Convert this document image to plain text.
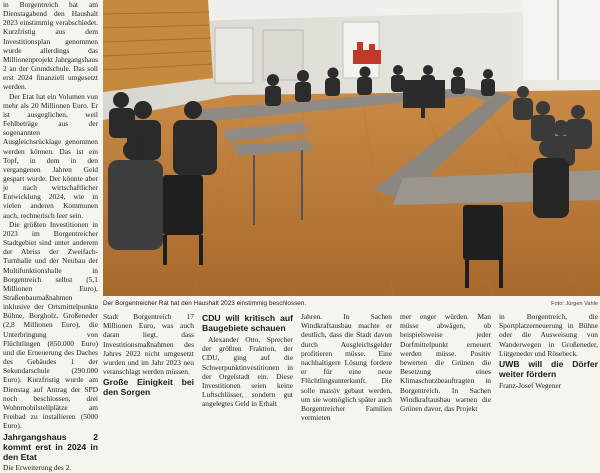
in Borgentreich hat am Dienstagabend den Haushalt 2023 einstimmig verabschiedet. Kurzfristig aus dem Investitionsplan genommen wurde allerdings das Millionenprojekt Jahrgangshaus 2 an der Grundschule. Das soll erst 2024 finanziell umgesetzt werden.

Der Etat hat ein Volumen von mehr als 20 Millionen Euro. Er ist ausgeglichen, weil Fehlbeträge aus der sogenannten Ausgleichsrücklage genommen werden können. Das ist ein Topf, in dem in den vergangenen Jahren Geld gespart wurde. Der könnte aber je nach wirtschaftlicher Entwicklung 2024, wie in vielen anderen Kommunen auch, rechnerisch leer sein.

Die größten Investitionen in 2023 im Borgentreicher Stadtgebiet sind unter anderem der Abriss der Zweifach-Turnhalle und der Neubau der Multifunktionshalle in Borgentreich selbst (5,1 Millionen Euro), Straßenbaumaßnahmen inklusive der Ortsmittelpunkte Bühne, Borgholz, Großeneder (2,8 Millionen Euro), die Unterbringung von Flüchtlingen (850.000 Euro) und die Erneuerung des Daches des Gebäudes 1 der Sekundarschule (290.000 Euro). Kurzfristig wurde am Dienstag auf Antrag der SPD noch beschlossen, drei Wohnmobilstellplätze am Freibad zu installieren (5000 Euro).

Jahrgangshaus 2 kommt erst in 2024 in den Etat

Die Erweiterung des 2.

Der Borgentreicher Rat hat den Haushalt 2023 einstimmig beschlossen.	Foto: Jürgen Vahle

Stadt Borgentreich 17 Millionen Euro, was auch daran liegt, dass Investitionsmaßnahmen des Jahres 2022 nicht umgesetzt wurden und im Jahr 2023 neu veranschlagt werden müssen.

Große Einigkeit bei den Sorgen

CDU will kritisch auf Baugebiete schauen

Alexander Otto, Sprecher der größten Fraktion, der CDU, ging auf die Schwerpunktinvestitionen in der Orgelstadt ein. Diese Investitionen seien keine Luftschlösser, sondern gut angelegtes Geld in Erhalt

Jahren. In Sachen Windkraftausbau machte er deutlich, dass die Stadt davon durch Ausgleichsgelder profitieren müsse. Eine nachhaltigere Lösung fordere er für eine neue Flüchtlingsunterkunft. Die solle massiv gebaut werden, um sie womöglich später auch Borgentreicher Familien vermieten

mer enger würden. Man müsse abwägen, ob beispielsweise jeder Dorfmittelpunkt erneuert werden müsse. Positiv bewerten die Grünen die Besetzung eines Klimaschutzbeauftragten in Borgentreich. In Sachen Windkraftausbau warnen die Grünen davor, das Projekt

in Borgentreich, die Sportplatzerneuerung in Bühne oder die Ausweisung von Wanderwegen in Großeneder, Lütgeneder und Rösebeck.

UWB will die Dörfer weiter fördern

Franz-Josef Wegener
